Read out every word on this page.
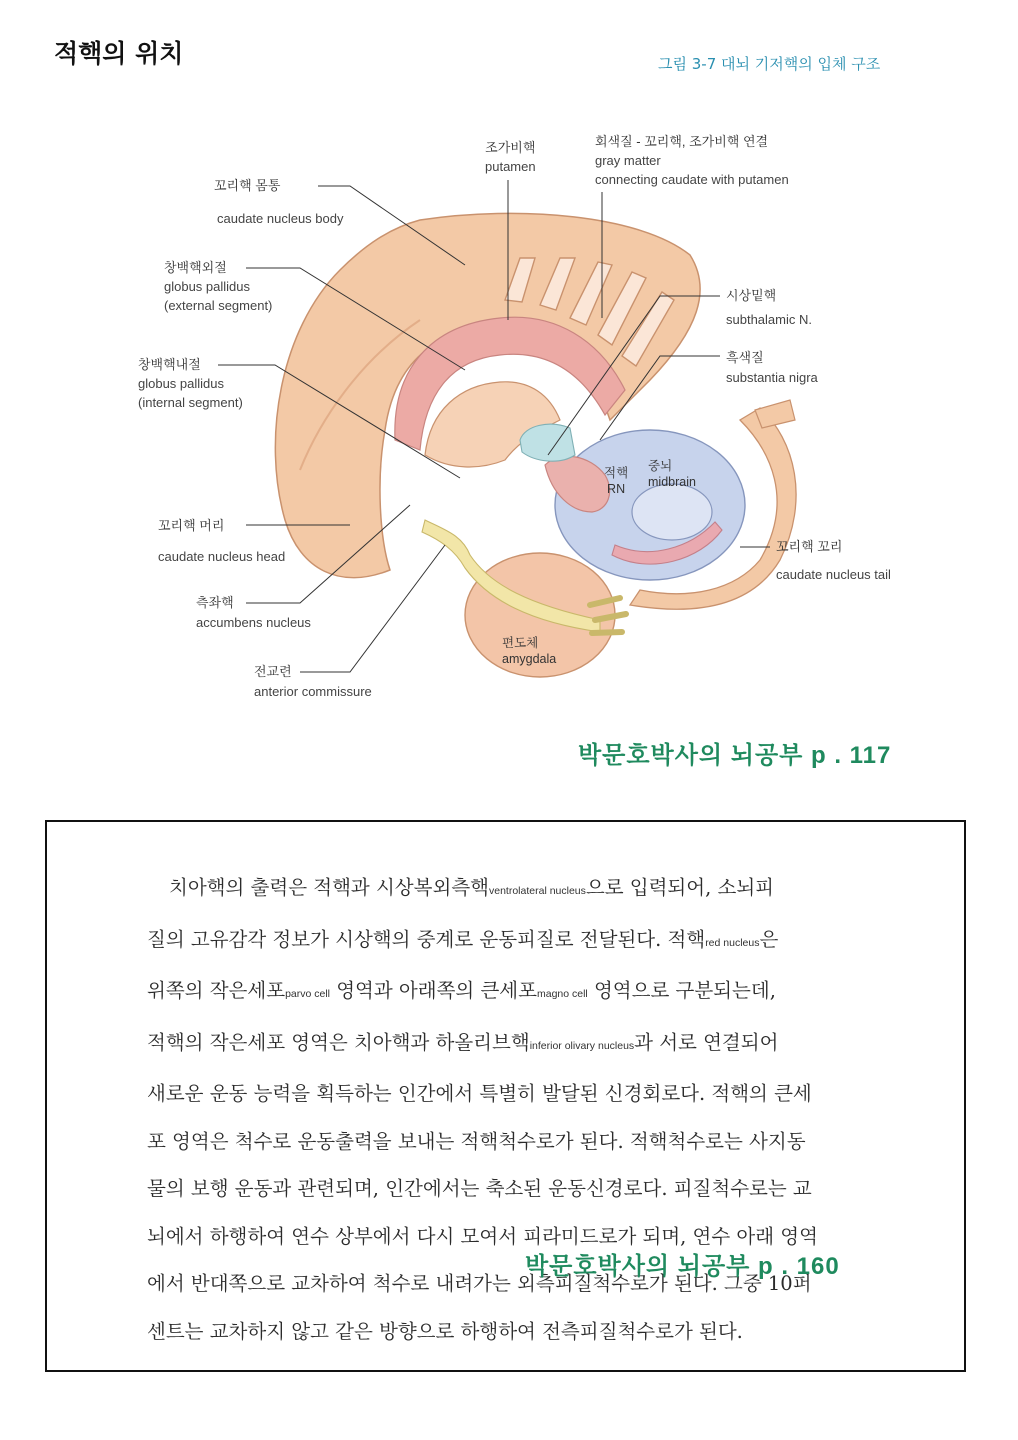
적핵의 위치	그림 3-7 대뇌 기저핵의 입체 구조
꼬리핵 몸통
caudate nucleus body
창백핵외절
globus pallidus
(external segment)
창백핵내절
globus pallidus
(internal segment)
꼬리핵 머리
caudate nucleus head
측좌핵
accumbens nucleus
전교련
anterior commissure
조가비핵
putamen
회색질 - 꼬리핵, 조가비핵 연결
gray matter
connecting caudate with putamen
시상밑핵
subthalamic N.
흑색질
substantia nigra
꼬리핵 꼬리
caudate nucleus tail
적핵
RN
중뇌
midbrain
편도체
amygdala
박문호박사의 뇌공부 p . 117
치아핵의 출력은 적핵과 시상복외측핵ventrolateral nucleus으로 입력되어, 소뇌피
질의 고유감각 정보가 시상핵의 중계로 운동피질로 전달된다. 적핵red nucleus은
위쪽의 작은세포parvo cell 영역과 아래쪽의 큰세포magno cell 영역으로 구분되는데,
적핵의 작은세포 영역은 치아핵과 하올리브핵inferior olivary nucleus과 서로 연결되어
새로운 운동 능력을 획득하는 인간에서 특별히 발달된 신경회로다. 적핵의 큰세
포 영역은 척수로 운동출력을 보내는 적핵척수로가 된다. 적핵척수로는 사지동
물의 보행 운동과 관련되며, 인간에서는 축소된 운동신경로다. 피질척수로는 교
뇌에서 하행하여 연수 상부에서 다시 모여서 피라미드로가 되며, 연수 아래 영역
에서 반대쪽으로 교차하여 척수로 내려가는 외측피질척수로가 된다. 그중 10퍼
센트는 교차하지 않고 같은 방향으로 하행하여 전측피질척수로가 된다.
박문호박사의 뇌공부 p . 160
